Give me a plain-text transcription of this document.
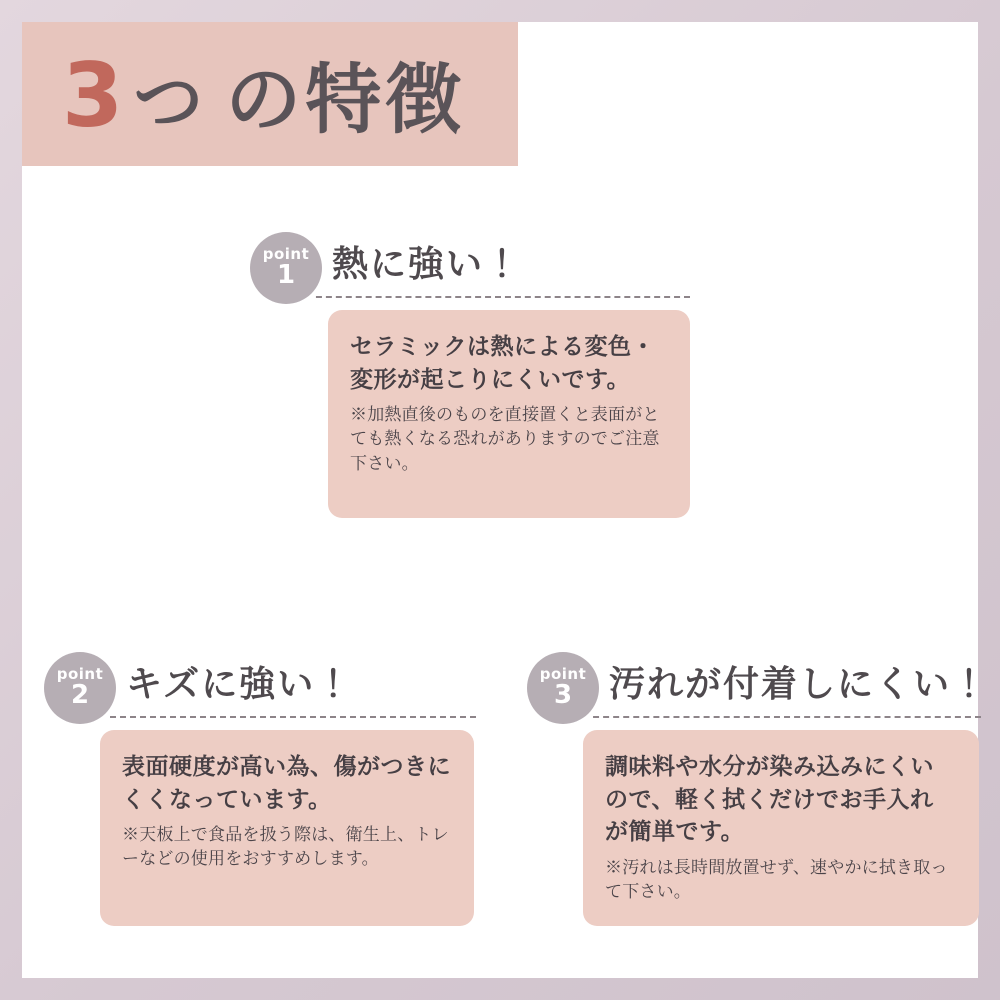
3つ の特徴
point
1 熱に強い！

セラミックは熱による変色・変形が起こりにくいです。

※加熱直後のものを直接置くと表面がとても熱くなる恐れがありますのでご注意下さい。

point
2 キズに強い！

表面硬度が高い為、傷がつきにくくなっています。

※天板上で食品を扱う際は、衛生上、トレーなどの使用をおすすめします。

point
3 汚れが付着しにくい！

調味料や水分が染み込みにくいので、軽く拭くだけでお手入れが簡単です。

※汚れは長時間放置せず、速やかに拭き取って下さい。
